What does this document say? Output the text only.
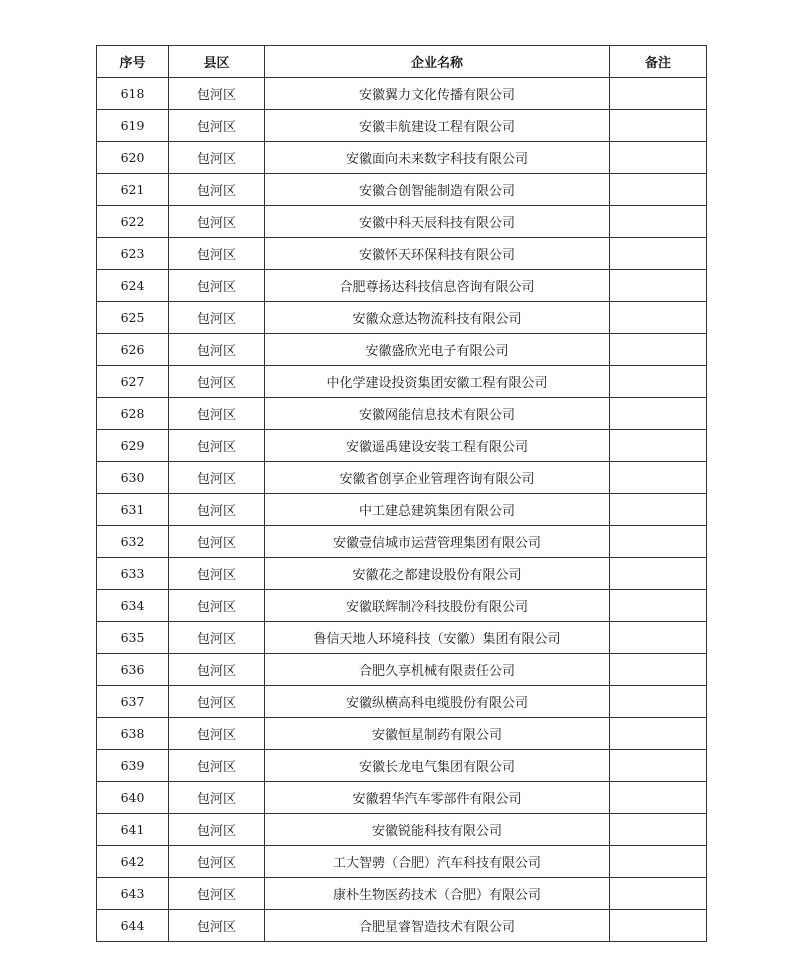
序号	县区	企业名称	备注
618	包河区	安徽翼力文化传播有限公司	
619	包河区	安徽丰航建设工程有限公司	
620	包河区	安徽面向未来数字科技有限公司	
621	包河区	安徽合创智能制造有限公司	
622	包河区	安徽中科天辰科技有限公司	
623	包河区	安徽怀天环保科技有限公司	
624	包河区	合肥尊扬达科技信息咨询有限公司	
625	包河区	安徽众意达物流科技有限公司	
626	包河区	安徽盛欣光电子有限公司	
627	包河区	中化学建设投资集团安徽工程有限公司	
628	包河区	安徽网能信息技术有限公司	
629	包河区	安徽遥禹建设安装工程有限公司	
630	包河区	安徽省创享企业管理咨询有限公司	
631	包河区	中工建总建筑集团有限公司	
632	包河区	安徽壹信城市运营管理集团有限公司	
633	包河区	安徽花之都建设股份有限公司	
634	包河区	安徽联辉制冷科技股份有限公司	
635	包河区	鲁信天地人环境科技（安徽）集团有限公司	
636	包河区	合肥久享机械有限责任公司	
637	包河区	安徽纵横高科电缆股份有限公司	
638	包河区	安徽恒星制药有限公司	
639	包河区	安徽长龙电气集团有限公司	
640	包河区	安徽碧华汽车零部件有限公司	
641	包河区	安徽锐能科技有限公司	
642	包河区	工大智骋（合肥）汽车科技有限公司	
643	包河区	康朴生物医药技术（合肥）有限公司	
644	包河区	合肥星睿智造技术有限公司	
